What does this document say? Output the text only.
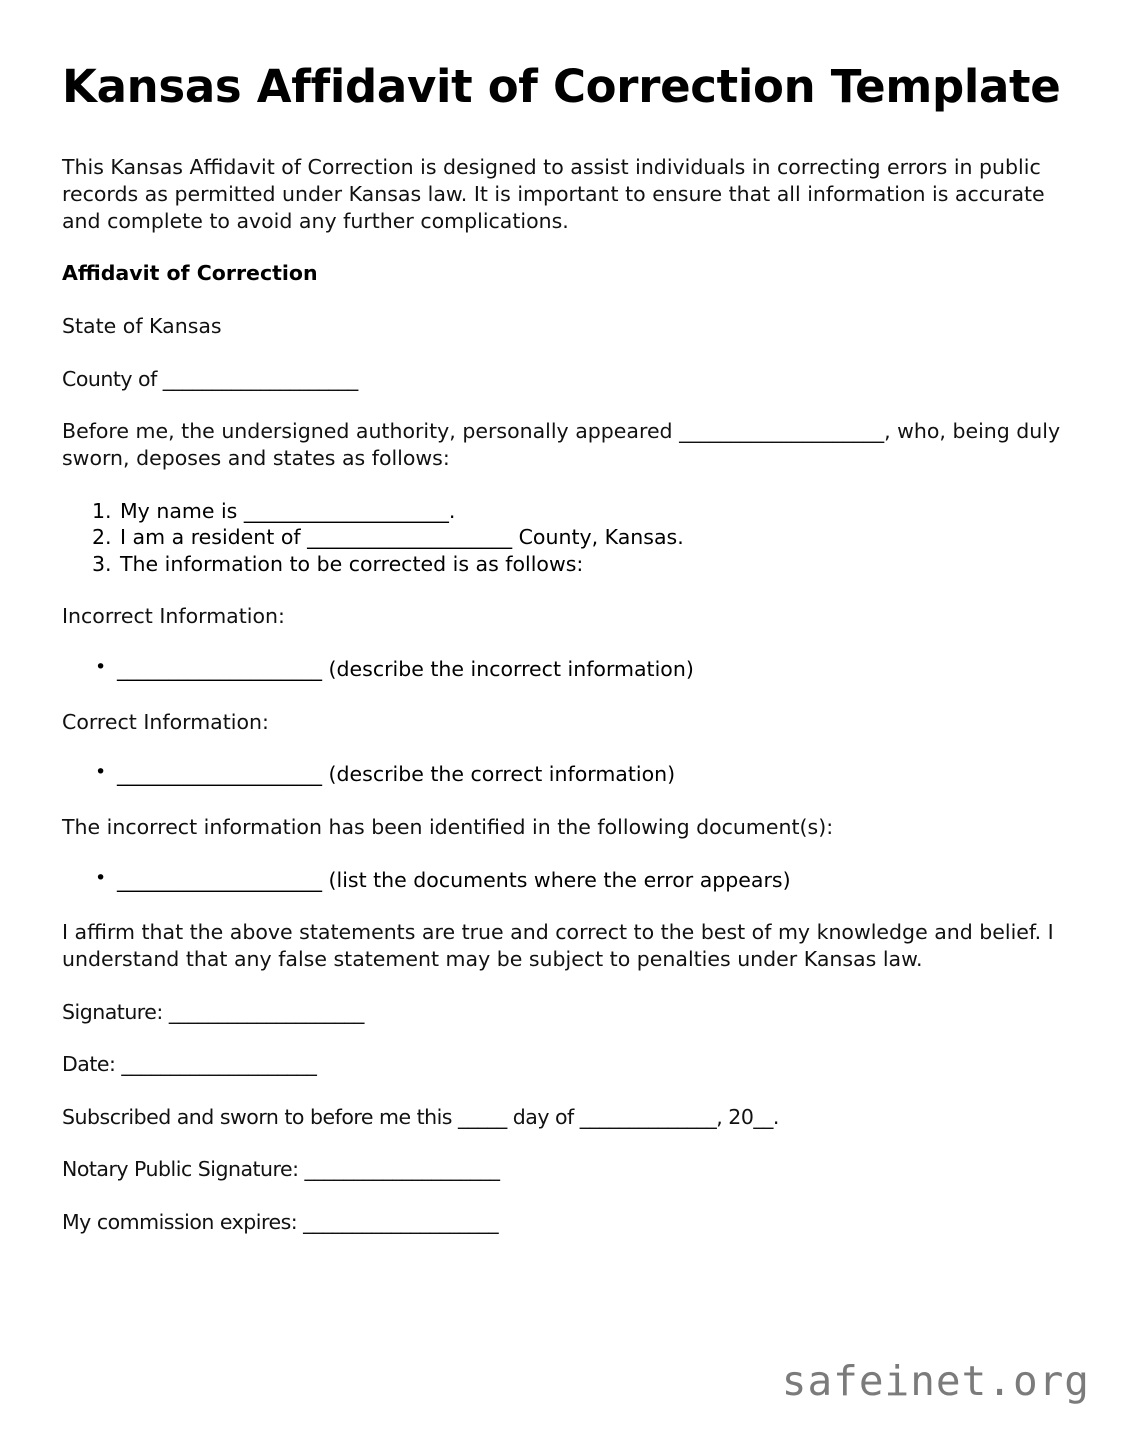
Kansas Affidavit of Correction Template

This Kansas Affidavit of Correction is designed to assist individuals in correcting errors in public records as permitted under Kansas law. It is important to ensure that all information is accurate and complete to avoid any further complications.

Affidavit of Correction

State of Kansas

County of ____________________

Before me, the undersigned authority, personally appeared ____________________, who, being duly sworn, deposes and states as follows:

My name is ____________________.
I am a resident of ____________________ County, Kansas.
The information to be corrected is as follows:

Incorrect Information:

• ____________________ (describe the incorrect information)

Correct Information:

• ____________________ (describe the correct information)

The incorrect information has been identified in the following document(s):

• ____________________ (list the documents where the error appears)

I affirm that the above statements are true and correct to the best of my knowledge and belief. I understand that any false statement may be subject to penalties under Kansas law.

Signature: ____________________

Date: ____________________

Subscribed and sworn to before me this _____ day of ______________, 20__.

Notary Public Signature: ____________________

My commission expires: ____________________

safeinet.org
